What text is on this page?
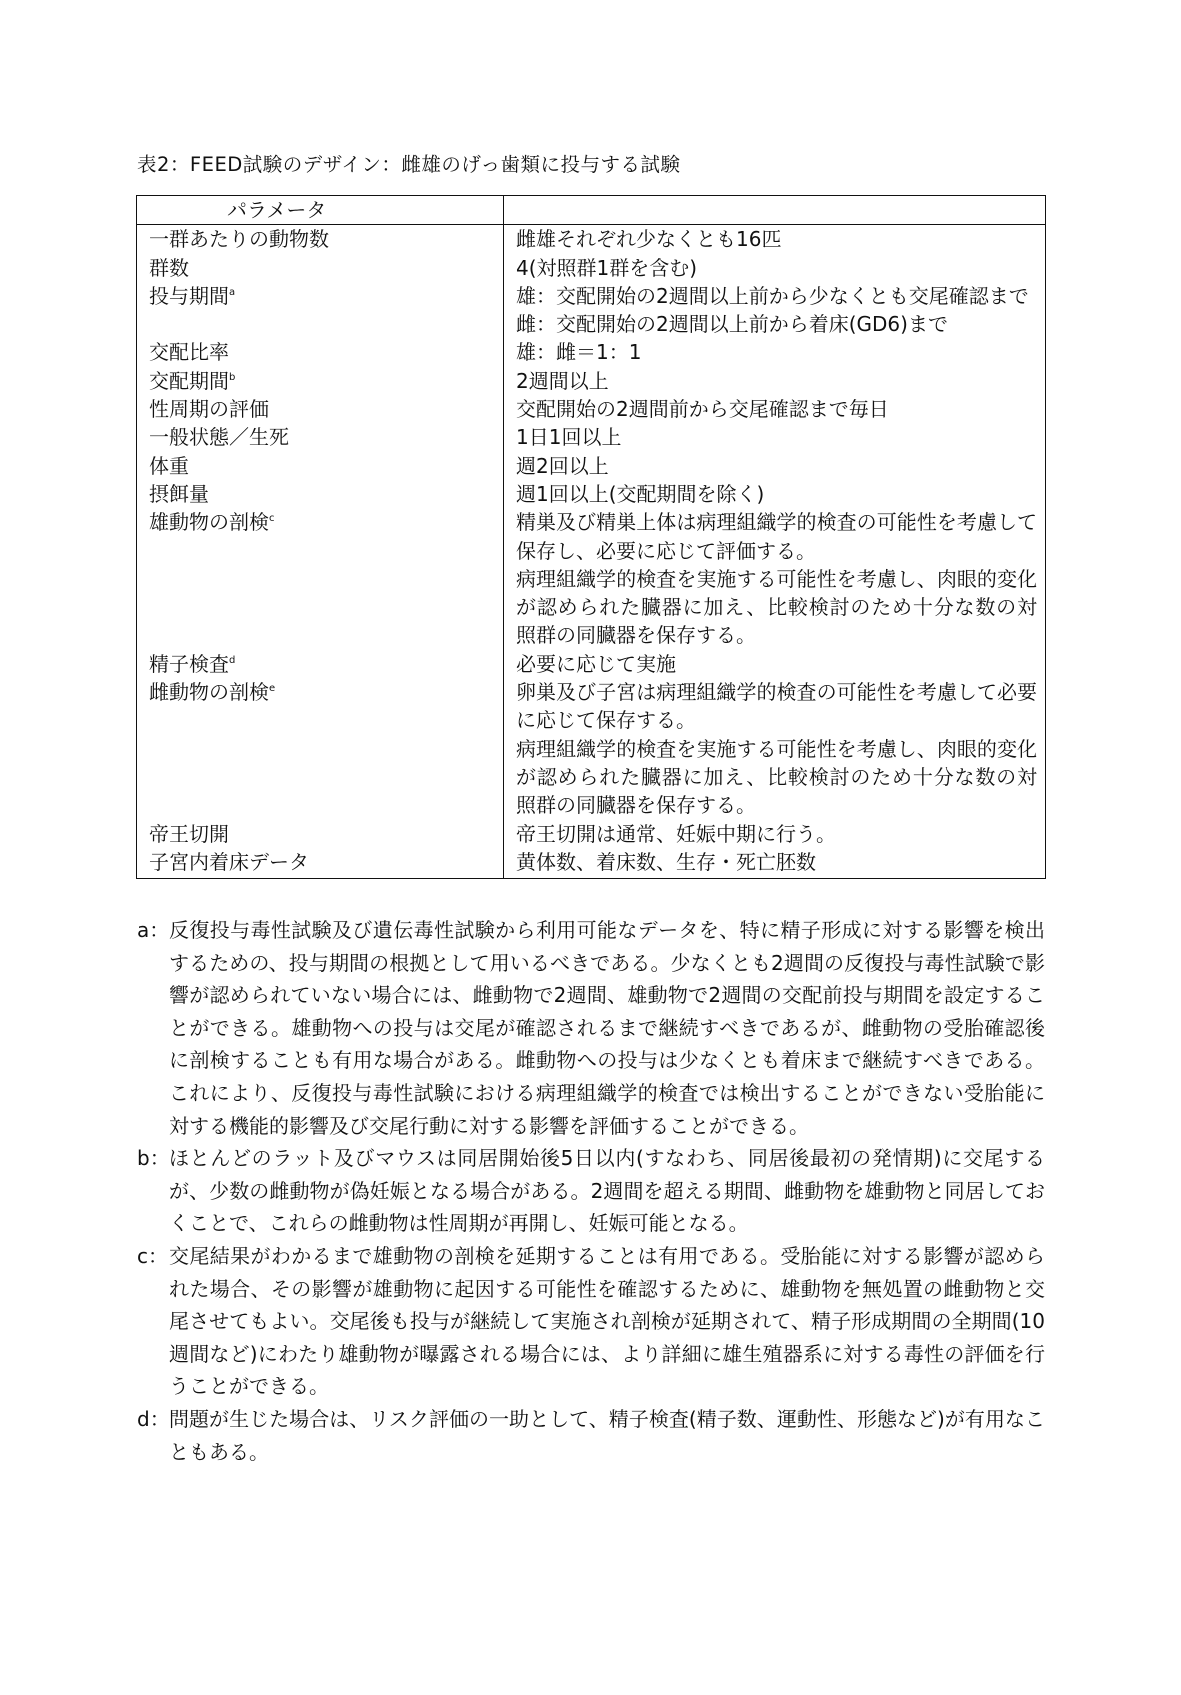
表2：FEED試験のデザイン：雌雄のげっ歯類に投与する試験
パラメータ	
一群あたりの動物数	雌雄それぞれ少なくとも16匹

群数	4(対照群1群を含む)

投与期間$^a$	雄：交配開始の2週間以上前から少なくとも交尾確認まで
雌：交配開始の2週間以上前から着床(GD6)まで

交配比率	雄：雌＝1：1

交配期間$^b$	2週間以上

性周期の評価	交配開始の2週間前から交尾確認まで毎日

一般状態／生死	1日1回以上

体重	週2回以上

摂餌量	週1回以上(交配期間を除く)

雄動物の剖検$^c$	精巣及び精巣上体は病理組織学的検査の可能性を考慮して保存し、必要に応じて評価する。
病理組織学的検査を実施する可能性を考慮し、肉眼的変化が認められた臓器に加え、比較検討のため十分な数の対照群の同臓器を保存する。

精子検査$^d$	必要に応じて実施

雌動物の剖検$^e$	卵巣及び子宮は病理組織学的検査の可能性を考慮して必要に応じて保存する。
病理組織学的検査を実施する可能性を考慮し、肉眼的変化が認められた臓器に加え、比較検討のため十分な数の対照群の同臓器を保存する。

帝王切開	帝王切開は通常、妊娠中期に行う。

子宮内着床データ	黄体数、着床数、生存・死亡胚数
a： 反復投与毒性試験及び遺伝毒性試験から利用可能なデータを、特に精子形成に対する影響を検出するための、投与期間の根拠として用いるべきである。少なくとも2週間の反復投与毒性試験で影響が認められていない場合には、雌動物で2週間、雄動物で2週間の交配前投与期間を設定することができる。雄動物への投与は交尾が確認されるまで継続すべきであるが、雌動物の受胎確認後に剖検することも有用な場合がある。雌動物への投与は少なくとも着床まで継続すべきである。これにより、反復投与毒性試験における病理組織学的検査では検出することができない受胎能に対する機能的影響及び交尾行動に対する影響を評価することができる。
b： ほとんどのラット及びマウスは同居開始後5日以内(すなわち、同居後最初の発情期)に交尾するが、少数の雌動物が偽妊娠となる場合がある。2週間を超える期間、雌動物を雄動物と同居しておくことで、これらの雌動物は性周期が再開し、妊娠可能となる。
c： 交尾結果がわかるまで雄動物の剖検を延期することは有用である。受胎能に対する影響が認められた場合、その影響が雄動物に起因する可能性を確認するために、雄動物を無処置の雌動物と交尾させてもよい。交尾後も投与が継続して実施され剖検が延期されて、精子形成期間の全期間(10週間など)にわたり雄動物が曝露される場合には、より詳細に雄生殖器系に対する毒性の評価を行うことができる。
d： 問題が生じた場合は、リスク評価の一助として、精子検査(精子数、運動性、形態など)が有用なこともある。
